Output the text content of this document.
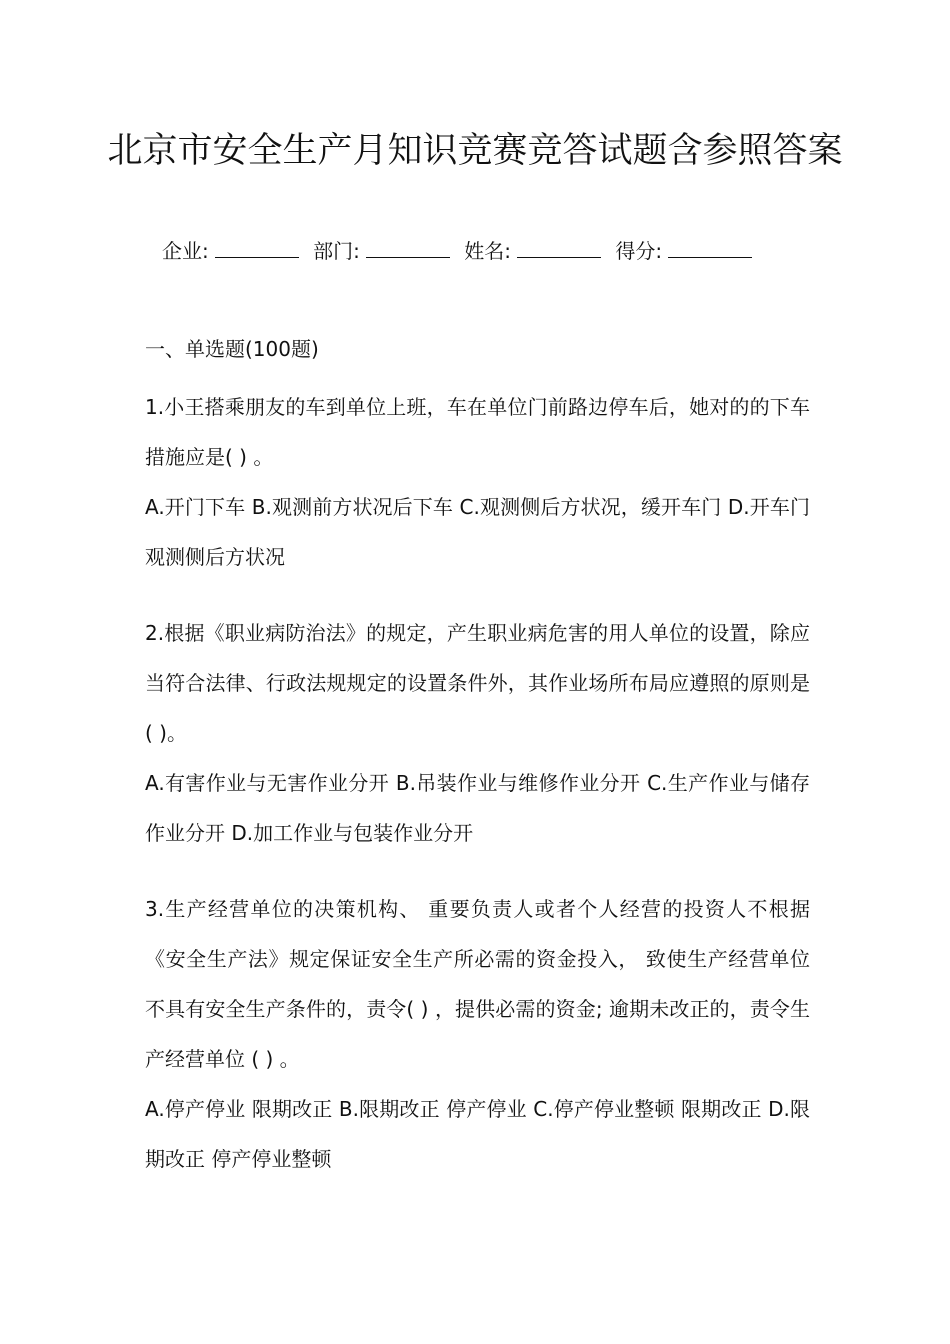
北京市安全生产月知识竞赛竞答试题含参照答案
企业:	部门:	姓名:	得分:

一、单选题(100题)

1.小王搭乘朋友的车到单位上班，车在单位门前路边停车后，她对的的下车措施应是( ) 。

A.开门下车 B.观测前方状况后下车 C.观测侧后方状况，缓开车门 D.开车门观测侧后方状况

2.根据《职业病防治法》的规定，产生职业病危害的用人单位的设置，除应当符合法律、行政法规规定的设置条件外，其作业场所布局应遵照的原则是( )。

A.有害作业与无害作业分开 B.吊装作业与维修作业分开 C.生产作业与储存作业分开 D.加工作业与包装作业分开

3.生产经营单位的决策机构、 重要负责人或者个人经营的投资人不根据《安全生产法》规定保证安全生产所必需的资金投入， 致使生产经营单位不具有安全生产条件的，责令( ) ，提供必需的资金; 逾期未改正的，责令生产经营单位 ( ) 。

A.停产停业 限期改正 B.限期改正 停产停业 C.停产停业整顿 限期改正 D.限期改正 停产停业整顿
